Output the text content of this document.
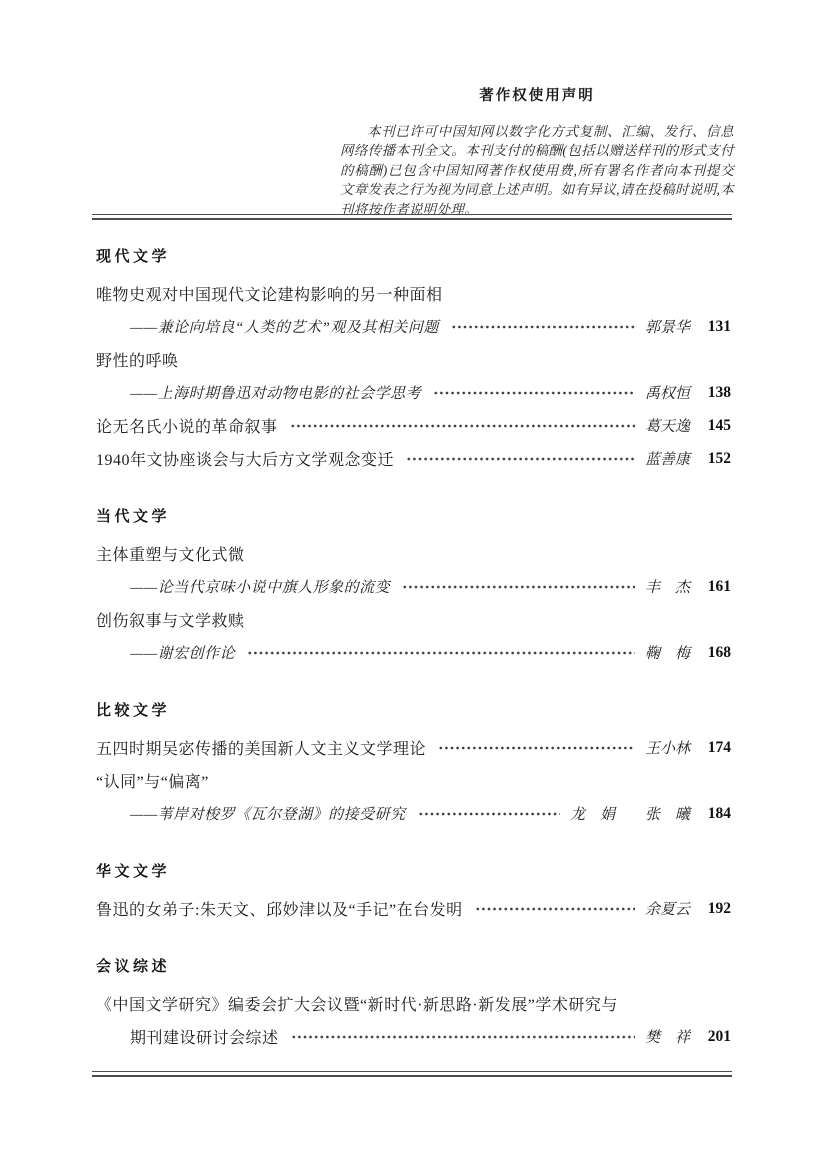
著作权使用声明

本刊已许可中国知网以数字化方式复制、汇编、发行、信息网络传播本刊全文。本刊支付的稿酬(包括以赠送样刊的形式支付的稿酬)已包含中国知网著作权使用费,所有署名作者向本刊提交文章发表之行为视为同意上述声明。如有异议,请在投稿时说明,本刊将按作者说明处理。

现代文学
唯物史观对中国现代文论建构影响的另一种面相
——兼论向培良“人类的艺术”观及其相关问题	郭景华	131
野性的呼唤
——上海时期鲁迅对动物电影的社会学思考	禹权恒	138
论无名氏小说的革命叙事	葛天逸	145
1940年文协座谈会与大后方文学观念变迁	蓝善康	152
当代文学
主体重塑与文化式微
——论当代京味小说中旗人形象的流变	丰　杰	161
创伤叙事与文学救赎
——谢宏创作论	鞠　梅	168
比较文学
五四时期吴宓传播的美国新人文主义文学理论	王小林	174
“认同”与“偏离”
——苇岸对梭罗《瓦尔登湖》的接受研究	龙　娟　　张　曦	184
华文文学
鲁迅的女弟子:朱天文、邱妙津以及“手记”在台发明	余夏云	192
会议综述
《中国文学研究》编委会扩大会议暨“新时代·新思路·新发展”学术研究与
期刊建设研讨会综述	樊　祥	201
